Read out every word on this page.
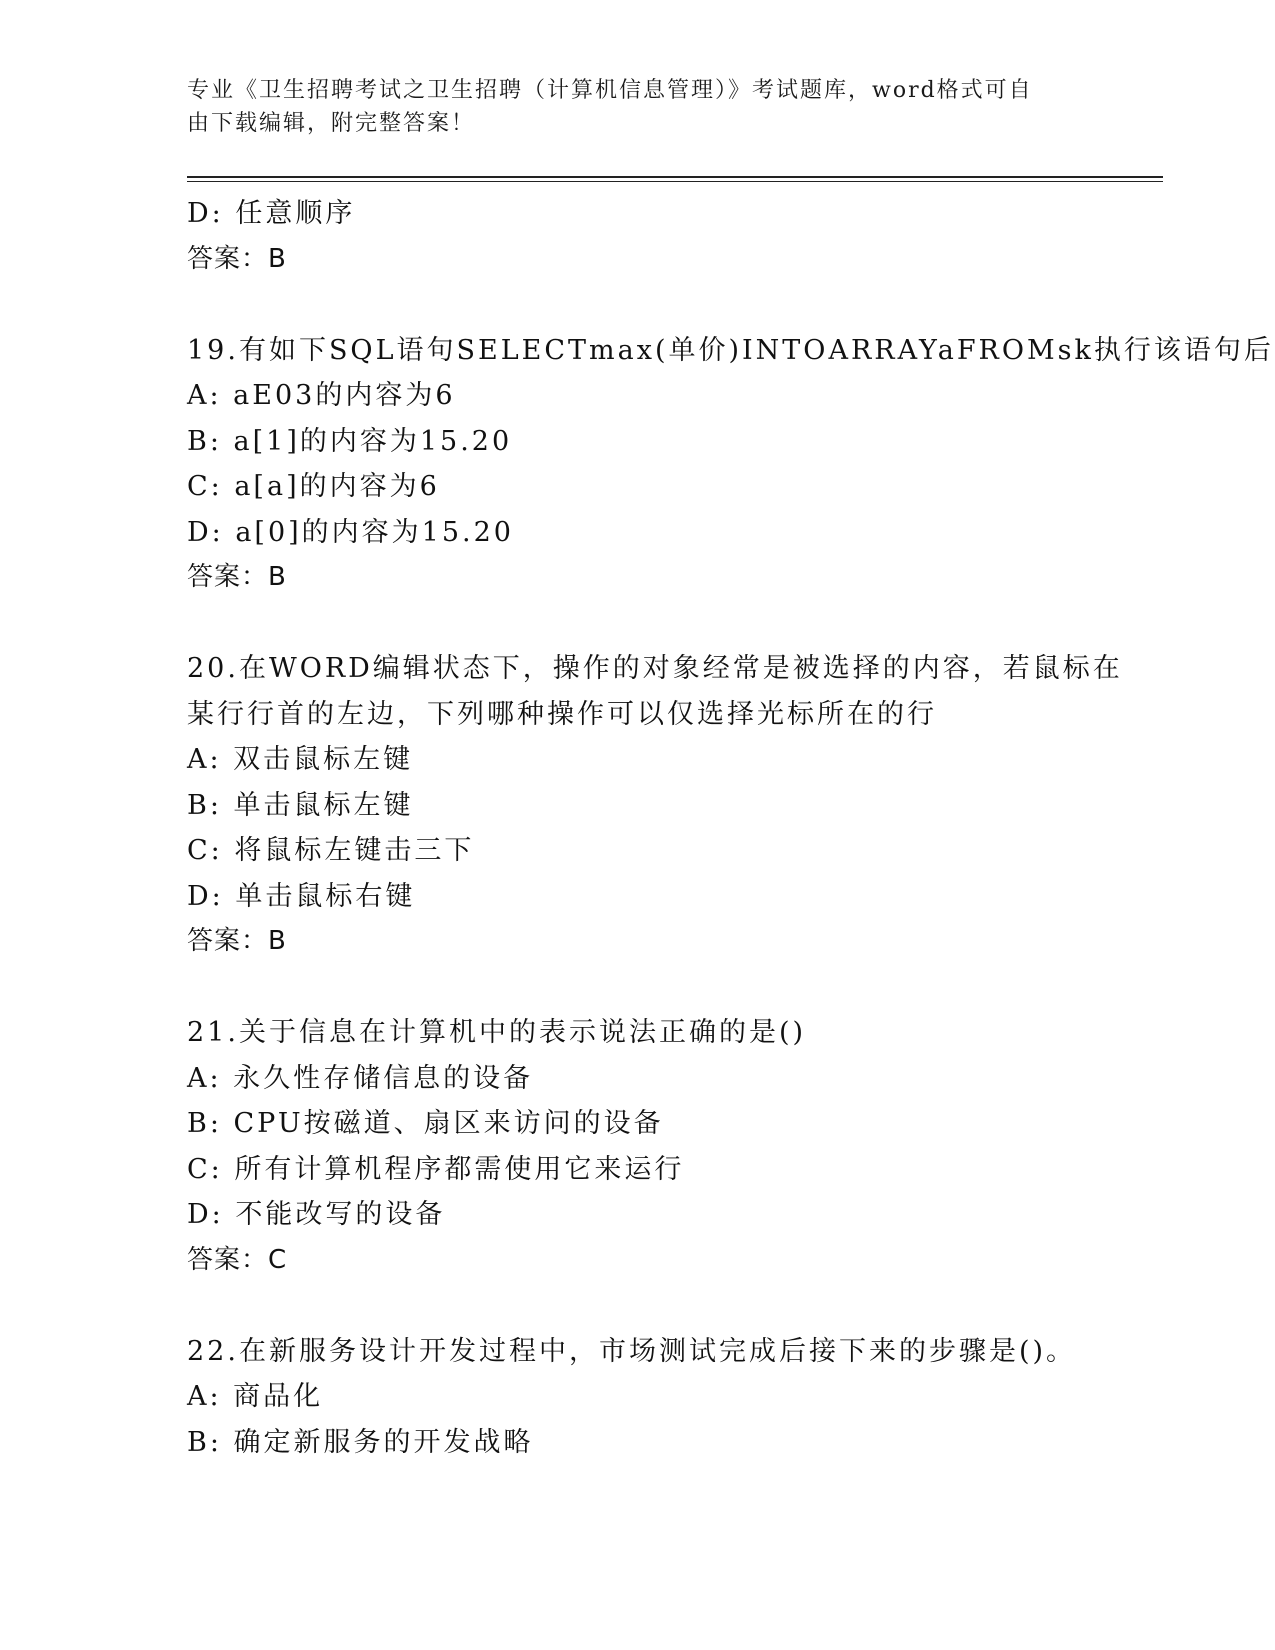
专业《卫生招聘考试之卫生招聘（计算机信息管理）》考试题库，word格式可自
由下载编辑，附完整答案！
D: 任意顺序
答案：B
19.有如下SQL语句SELECTmax(单价)INTOARRAYaFROMsk执行该语句后
A: aE03的内容为6
B: a[1]的内容为15.20
C: a[a]的内容为6
D: a[0]的内容为15.20
答案：B
20.在WORD编辑状态下，操作的对象经常是被选择的内容，若鼠标在
某行行首的左边，下列哪种操作可以仅选择光标所在的行
A: 双击鼠标左键
B: 单击鼠标左键
C: 将鼠标左键击三下
D: 单击鼠标右键
答案：B
21.关于信息在计算机中的表示说法正确的是()
A: 永久性存储信息的设备
B: CPU按磁道、扇区来访问的设备
C: 所有计算机程序都需使用它来运行
D: 不能改写的设备
答案：C
22.在新服务设计开发过程中，市场测试完成后接下来的步骤是()。
A: 商品化
B: 确定新服务的开发战略
